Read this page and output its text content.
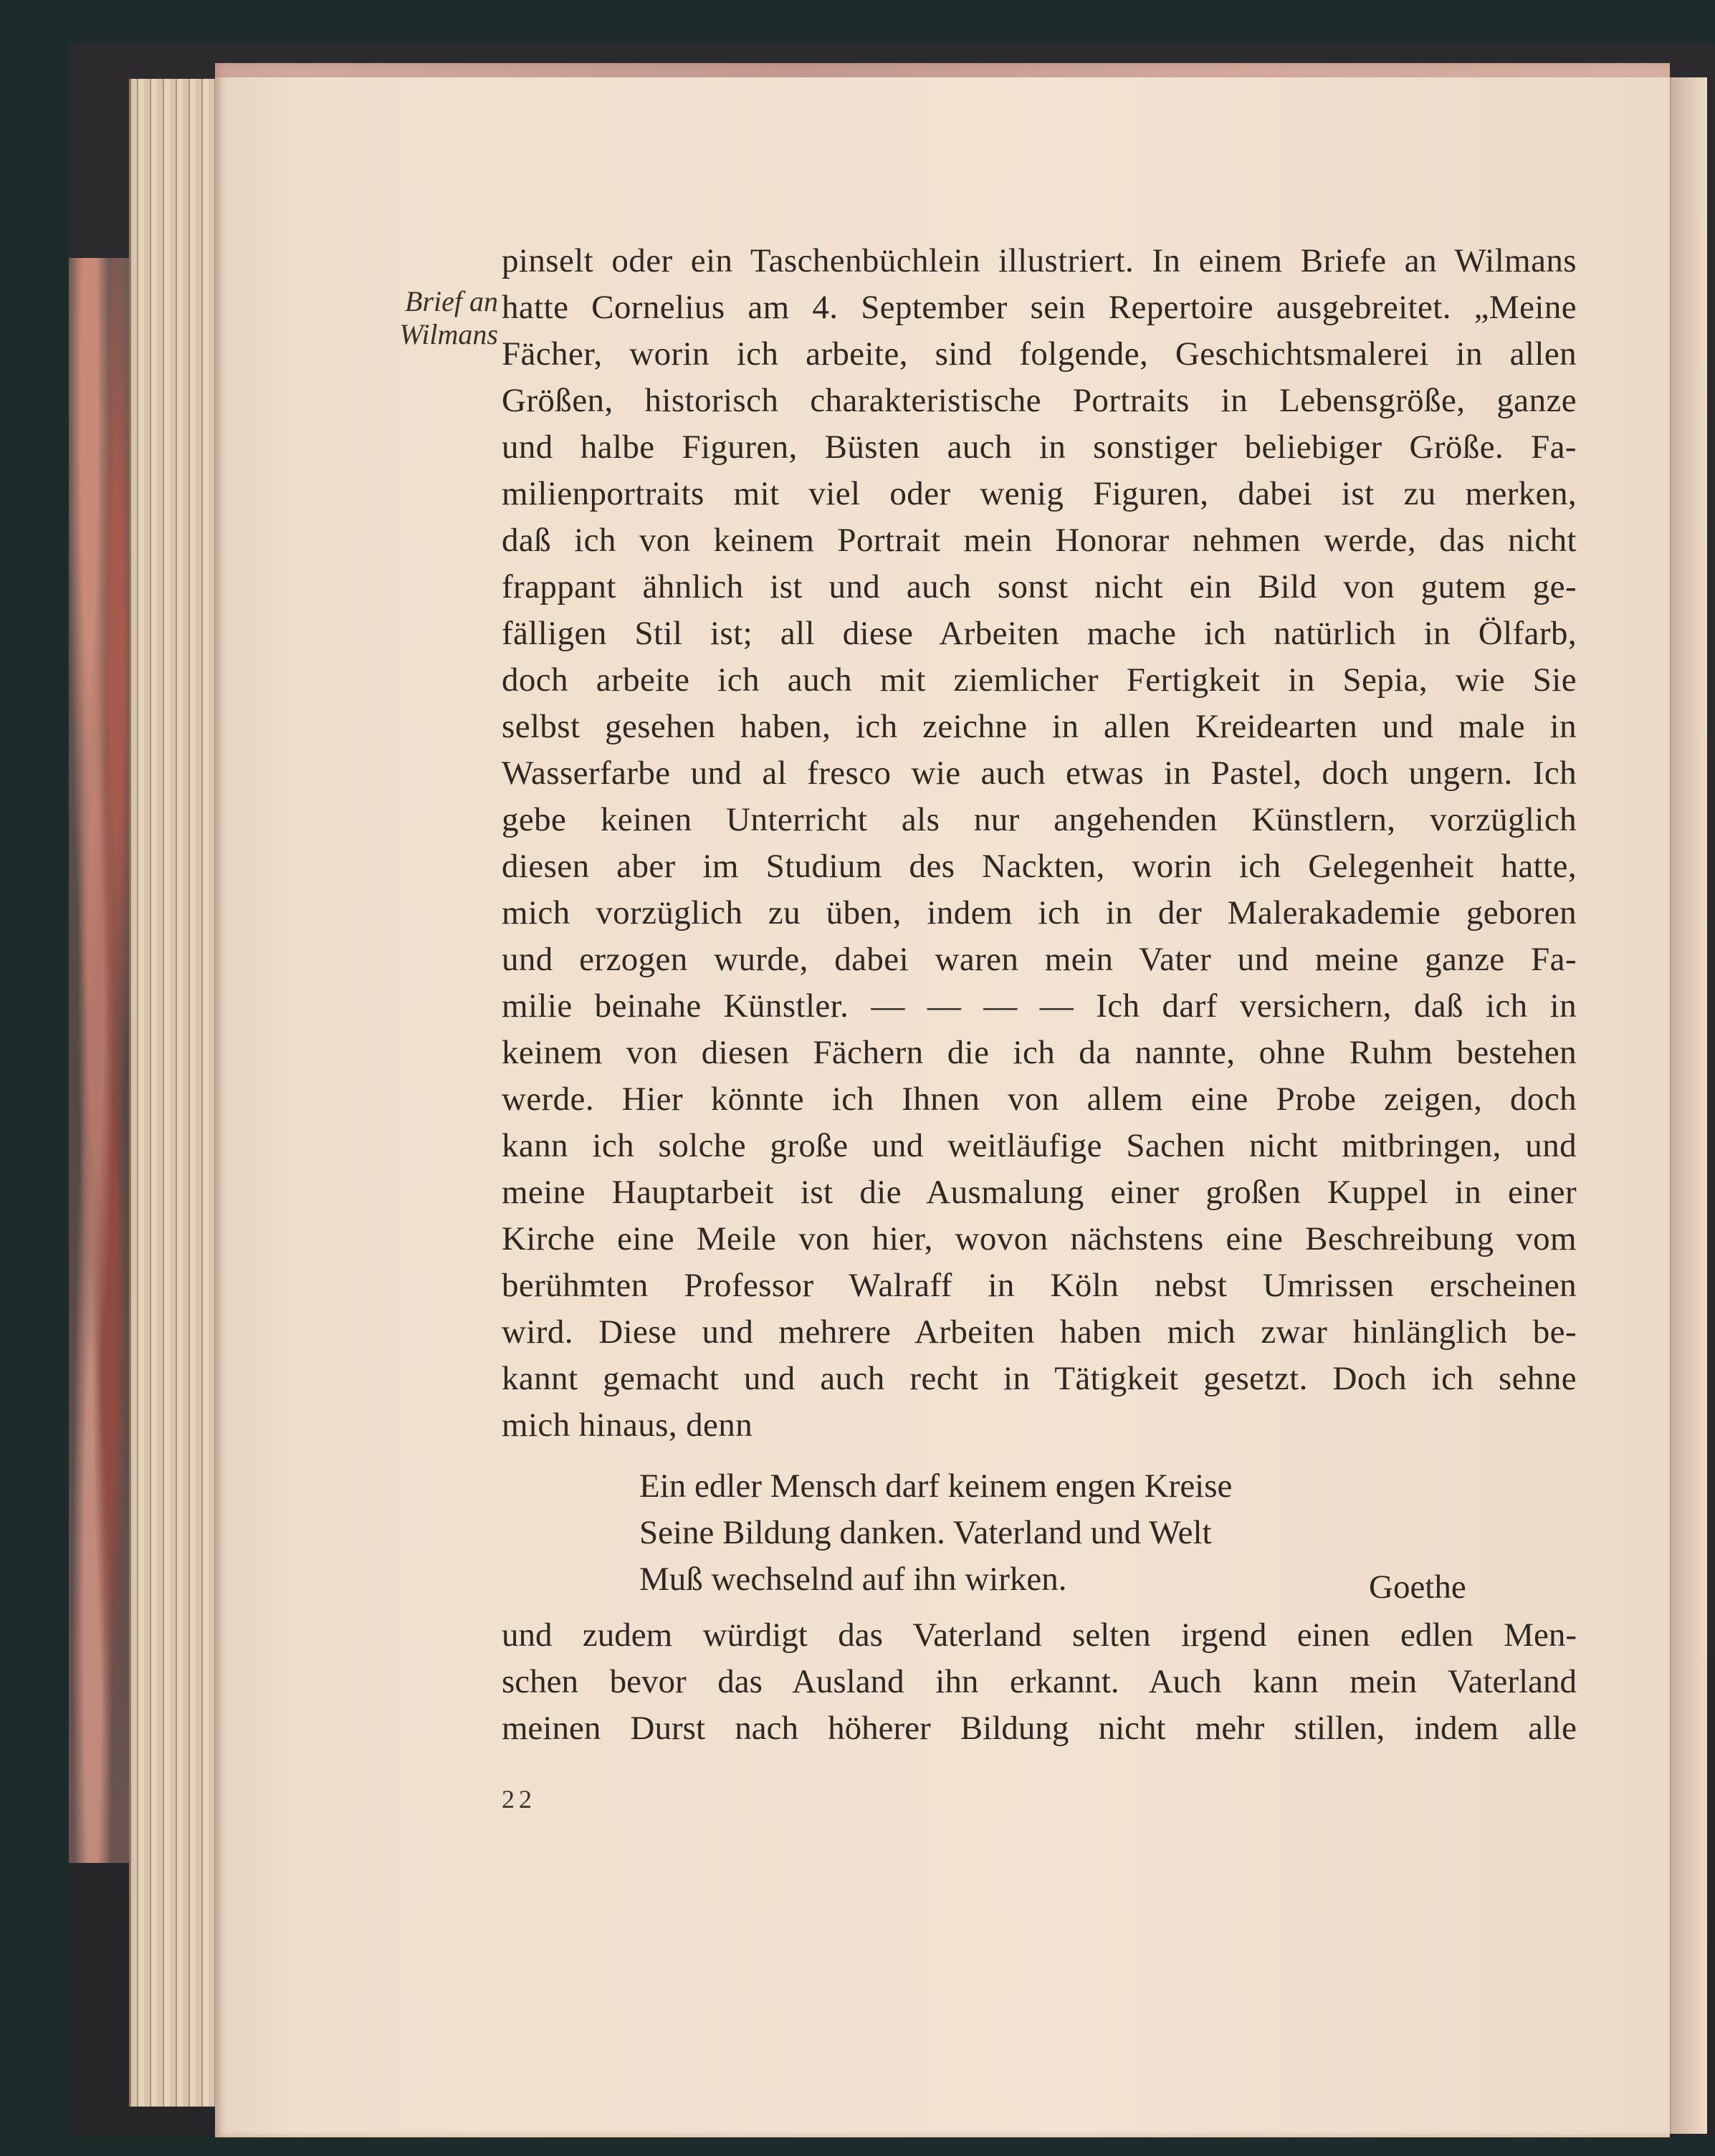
Brief an
Wilmans
pinselt oder ein Taschenbüchlein illustriert. In einem Briefe an Wilmans
hatte Cornelius am 4. September sein Repertoire ausgebreitet. „Meine
Fächer, worin ich arbeite, sind folgende, Geschichtsmalerei in allen
Größen, historisch charakteristische Portraits in Lebensgröße, ganze
und halbe Figuren, Büsten auch in sonstiger beliebiger Größe. Fa-
milienportraits mit viel oder wenig Figuren, dabei ist zu merken,
daß ich von keinem Portrait mein Honorar nehmen werde, das nicht
frappant ähnlich ist und auch sonst nicht ein Bild von gutem ge-
fälligen Stil ist; all diese Arbeiten mache ich natürlich in Ölfarb,
doch arbeite ich auch mit ziemlicher Fertigkeit in Sepia, wie Sie
selbst gesehen haben, ich zeichne in allen Kreidearten und male in
Wasserfarbe und al fresco wie auch etwas in Pastel, doch ungern. Ich
gebe keinen Unterricht als nur angehenden Künstlern, vorzüglich
diesen aber im Studium des Nackten, worin ich Gelegenheit hatte,
mich vorzüglich zu üben, indem ich in der Malerakademie geboren
und erzogen wurde, dabei waren mein Vater und meine ganze Fa-
milie beinahe Künstler. — — — — Ich darf versichern, daß ich in
keinem von diesen Fächern die ich da nannte, ohne Ruhm bestehen
werde. Hier könnte ich Ihnen von allem eine Probe zeigen, doch
kann ich solche große und weitläufige Sachen nicht mitbringen, und
meine Hauptarbeit ist die Ausmalung einer großen Kuppel in einer
Kirche eine Meile von hier, wovon nächstens eine Beschreibung vom
berühmten Professor Walraff in Köln nebst Umrissen erscheinen
wird. Diese und mehrere Arbeiten haben mich zwar hinlänglich be-
kannt gemacht und auch recht in Tätigkeit gesetzt. Doch ich sehne
mich hinaus, denn
Ein edler Mensch darf keinem engen Kreise
Seine Bildung danken. Vaterland und Welt
Muß wechselnd auf ihn wirken.	Goethe
und zudem würdigt das Vaterland selten irgend einen edlen Men-
schen bevor das Ausland ihn erkannt. Auch kann mein Vaterland
meinen Durst nach höherer Bildung nicht mehr stillen, indem alle
22
